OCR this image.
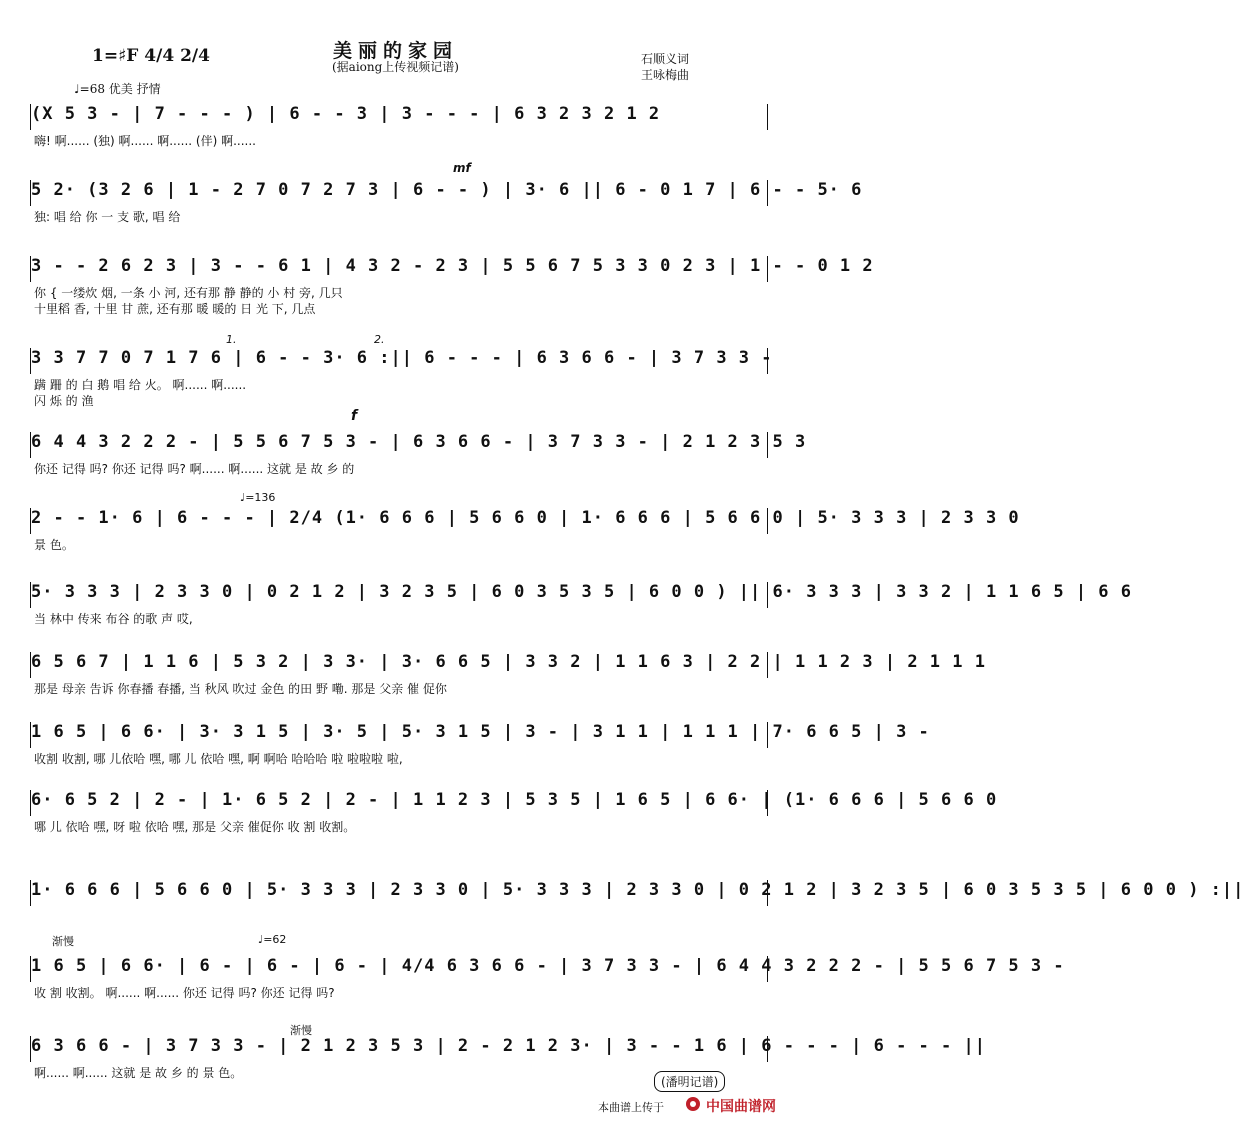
美丽的家园
(据aiong上传视频记谱)
1=♯F 4/4 2/4
♩=68 优美 抒情
石顺义词
王咏梅曲
(X 5 3 - | 7 - - - ) | 6 - - 3 | 3 - - - | 6 3 2 3 2 1 2
嗨! 啊...... (独) 啊...... 啊...... (伴) 啊......
5 2· (3 2 6 | 1 - 2 7 0 7 2 7 3 | 6 - - ) | 3· 6 || 6 - 0 1 7 | 6 - - 5· 6
独: 唱 给 你 一 支 歌, 唱 给
3 - - 2 6 2 3 | 3 - - 6 1 | 4 3 2 - 2 3 | 5 5 6 7 5 3 3 0 2 3 | 1 - - 0 1 2
你 { 一缕炊 烟, 一条 小 河, 还有那 静 静的 小 村 旁, 几只
十里稻 香, 十里 甘 蔗, 还有那 暖 暖的 日 光 下, 几点
3 3 7 7 0 7 1 7 6 | 6 - - 3· 6 :|| 6 - - - | 6 3 6 6 - | 3 7 3 3 -
蹒 跚 的 白 鹅 唱 给 火。 啊...... 啊......
闪 烁 的 渔
6 4 4 3 2 2 2 - | 5 5 6 7 5 3 - | 6 3 6 6 - | 3 7 3 3 - | 2 1 2 3 5 3
你还 记得 吗? 你还 记得 吗? 啊...... 啊...... 这就 是 故 乡 的
2 - - 1· 6 | 6 - - - | 2/4 (1· 6 6 6 | 5 6 6 0 | 1· 6 6 6 | 5 6 6 0 | 5· 3 3 3 | 2 3 3 0
景 色。
5· 3 3 3 | 2 3 3 0 | 0 2 1 2 | 3 2 3 5 | 6 0 3 5 3 5 | 6 0 0 ) || 6· 3 3 3 | 3 3 2 | 1 1 6 5 | 6 6
当 林中 传来 布谷 的歌 声 哎,
6 5 6 7 | 1 1 6 | 5 3 2 | 3 3· | 3· 6 6 5 | 3 3 2 | 1 1 6 3 | 2 2 | 1 1 2 3 | 2 1 1 1
那是 母亲 告诉 你春播 春播, 当 秋风 吹过 金色 的田 野 嘞. 那是 父亲 催 促你
1 6 5 | 6 6· | 3· 3 1 5 | 3· 5 | 5· 3 1 5 | 3 - | 3 1 1 | 1 1 1 | 7· 6 6 5 | 3 -
收割 收割, 哪 儿依哈 嘿, 哪 儿 依哈 嘿, 啊 啊哈 哈哈哈 啦 啦啦啦 啦,
6· 6 5 2 | 2 - | 1· 6 5 2 | 2 - | 1 1 2 3 | 5 3 5 | 1 6 5 | 6 6· | (1· 6 6 6 | 5 6 6 0
哪 儿 依哈 嘿, 呀 啦 依哈 嘿, 那是 父亲 催促你 收 割 收割。
1· 6 6 6 | 5 6 6 0 | 5· 3 3 3 | 2 3 3 0 | 5· 3 3 3 | 2 3 3 0 | 0 2 1 2 | 3 2 3 5 | 6 0 3 5 3 5 | 6 0 0 ) :||
1 6 5 | 6 6· | 6 - | 6 - | 6 - | 4/4 6 3 6 6 - | 3 7 3 3 - | 6 4 4 3 2 2 2 - | 5 5 6 7 5 3 -
收 割 收割。 啊...... 啊...... 你还 记得 吗? 你还 记得 吗?
6 3 6 6 - | 3 7 3 3 - | 2 1 2 3 5 3 | 2 - 2 1 2 3· | 3 - - 1 6 | 6 - - - | 6 - - - ||
啊...... 啊...... 这就 是 故 乡 的 景 色。
mf
f
♩=136
渐慢	♩=62
渐慢
1.	2.
(潘明记谱)
本曲谱上传于	中国曲谱网
